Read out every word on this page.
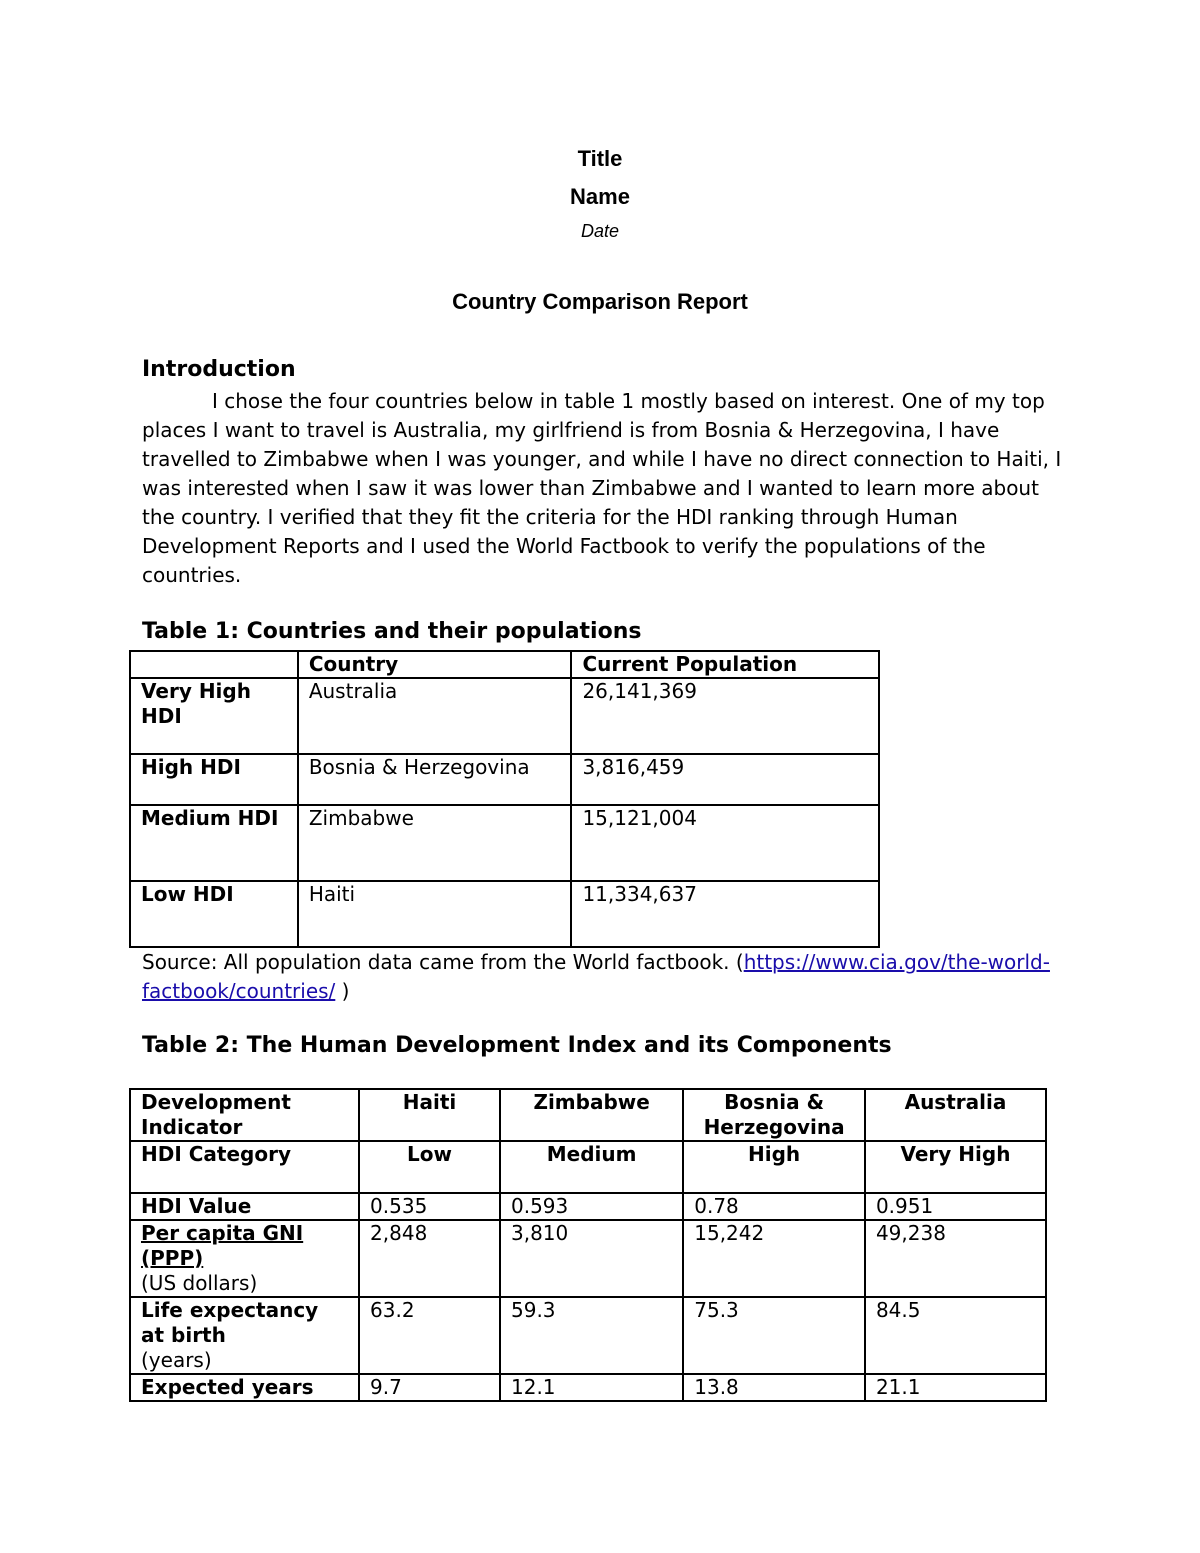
Title
Name
Date
Country Comparison Report
Introduction

I chose the four countries below in table 1 mostly based on interest. One of my top places I want to travel is Australia, my girlfriend is from Bosnia & Herzegovina, I have travelled to Zimbabwe when I was younger, and while I have no direct connection to Haiti, I was interested when I saw it was lower than Zimbabwe and I wanted to learn more about the country. I verified that they fit the criteria for the HDI ranking through Human Development Reports and I used the World Factbook to verify the populations of the countries.

Table 1: Countries and their populations

	Country	Current Population
Very High HDI	Australia	26,141,369
High HDI	Bosnia & Herzegovina	3,816,459
Medium HDI	Zimbabwe	15,121,004
Low HDI	Haiti	11,334,637

Source: All population data came from the World factbook. (https://www.cia.gov/the-world-factbook/countries/ )

Table 2: The Human Development Index and its Components

Development Indicator	Haiti	Zimbabwe	Bosnia & Herzegovina	Australia
HDI Category	Low	Medium	High	Very High
HDI Value	0.535	0.593	0.78	0.951

Per capita GNI (PPP)
(US dollars)	2,848	3,810	15,242	49,238

Life expectancy at birth
(years)	63.2	59.3	75.3	84.5
Expected years	9.7	12.1	13.8	21.1
